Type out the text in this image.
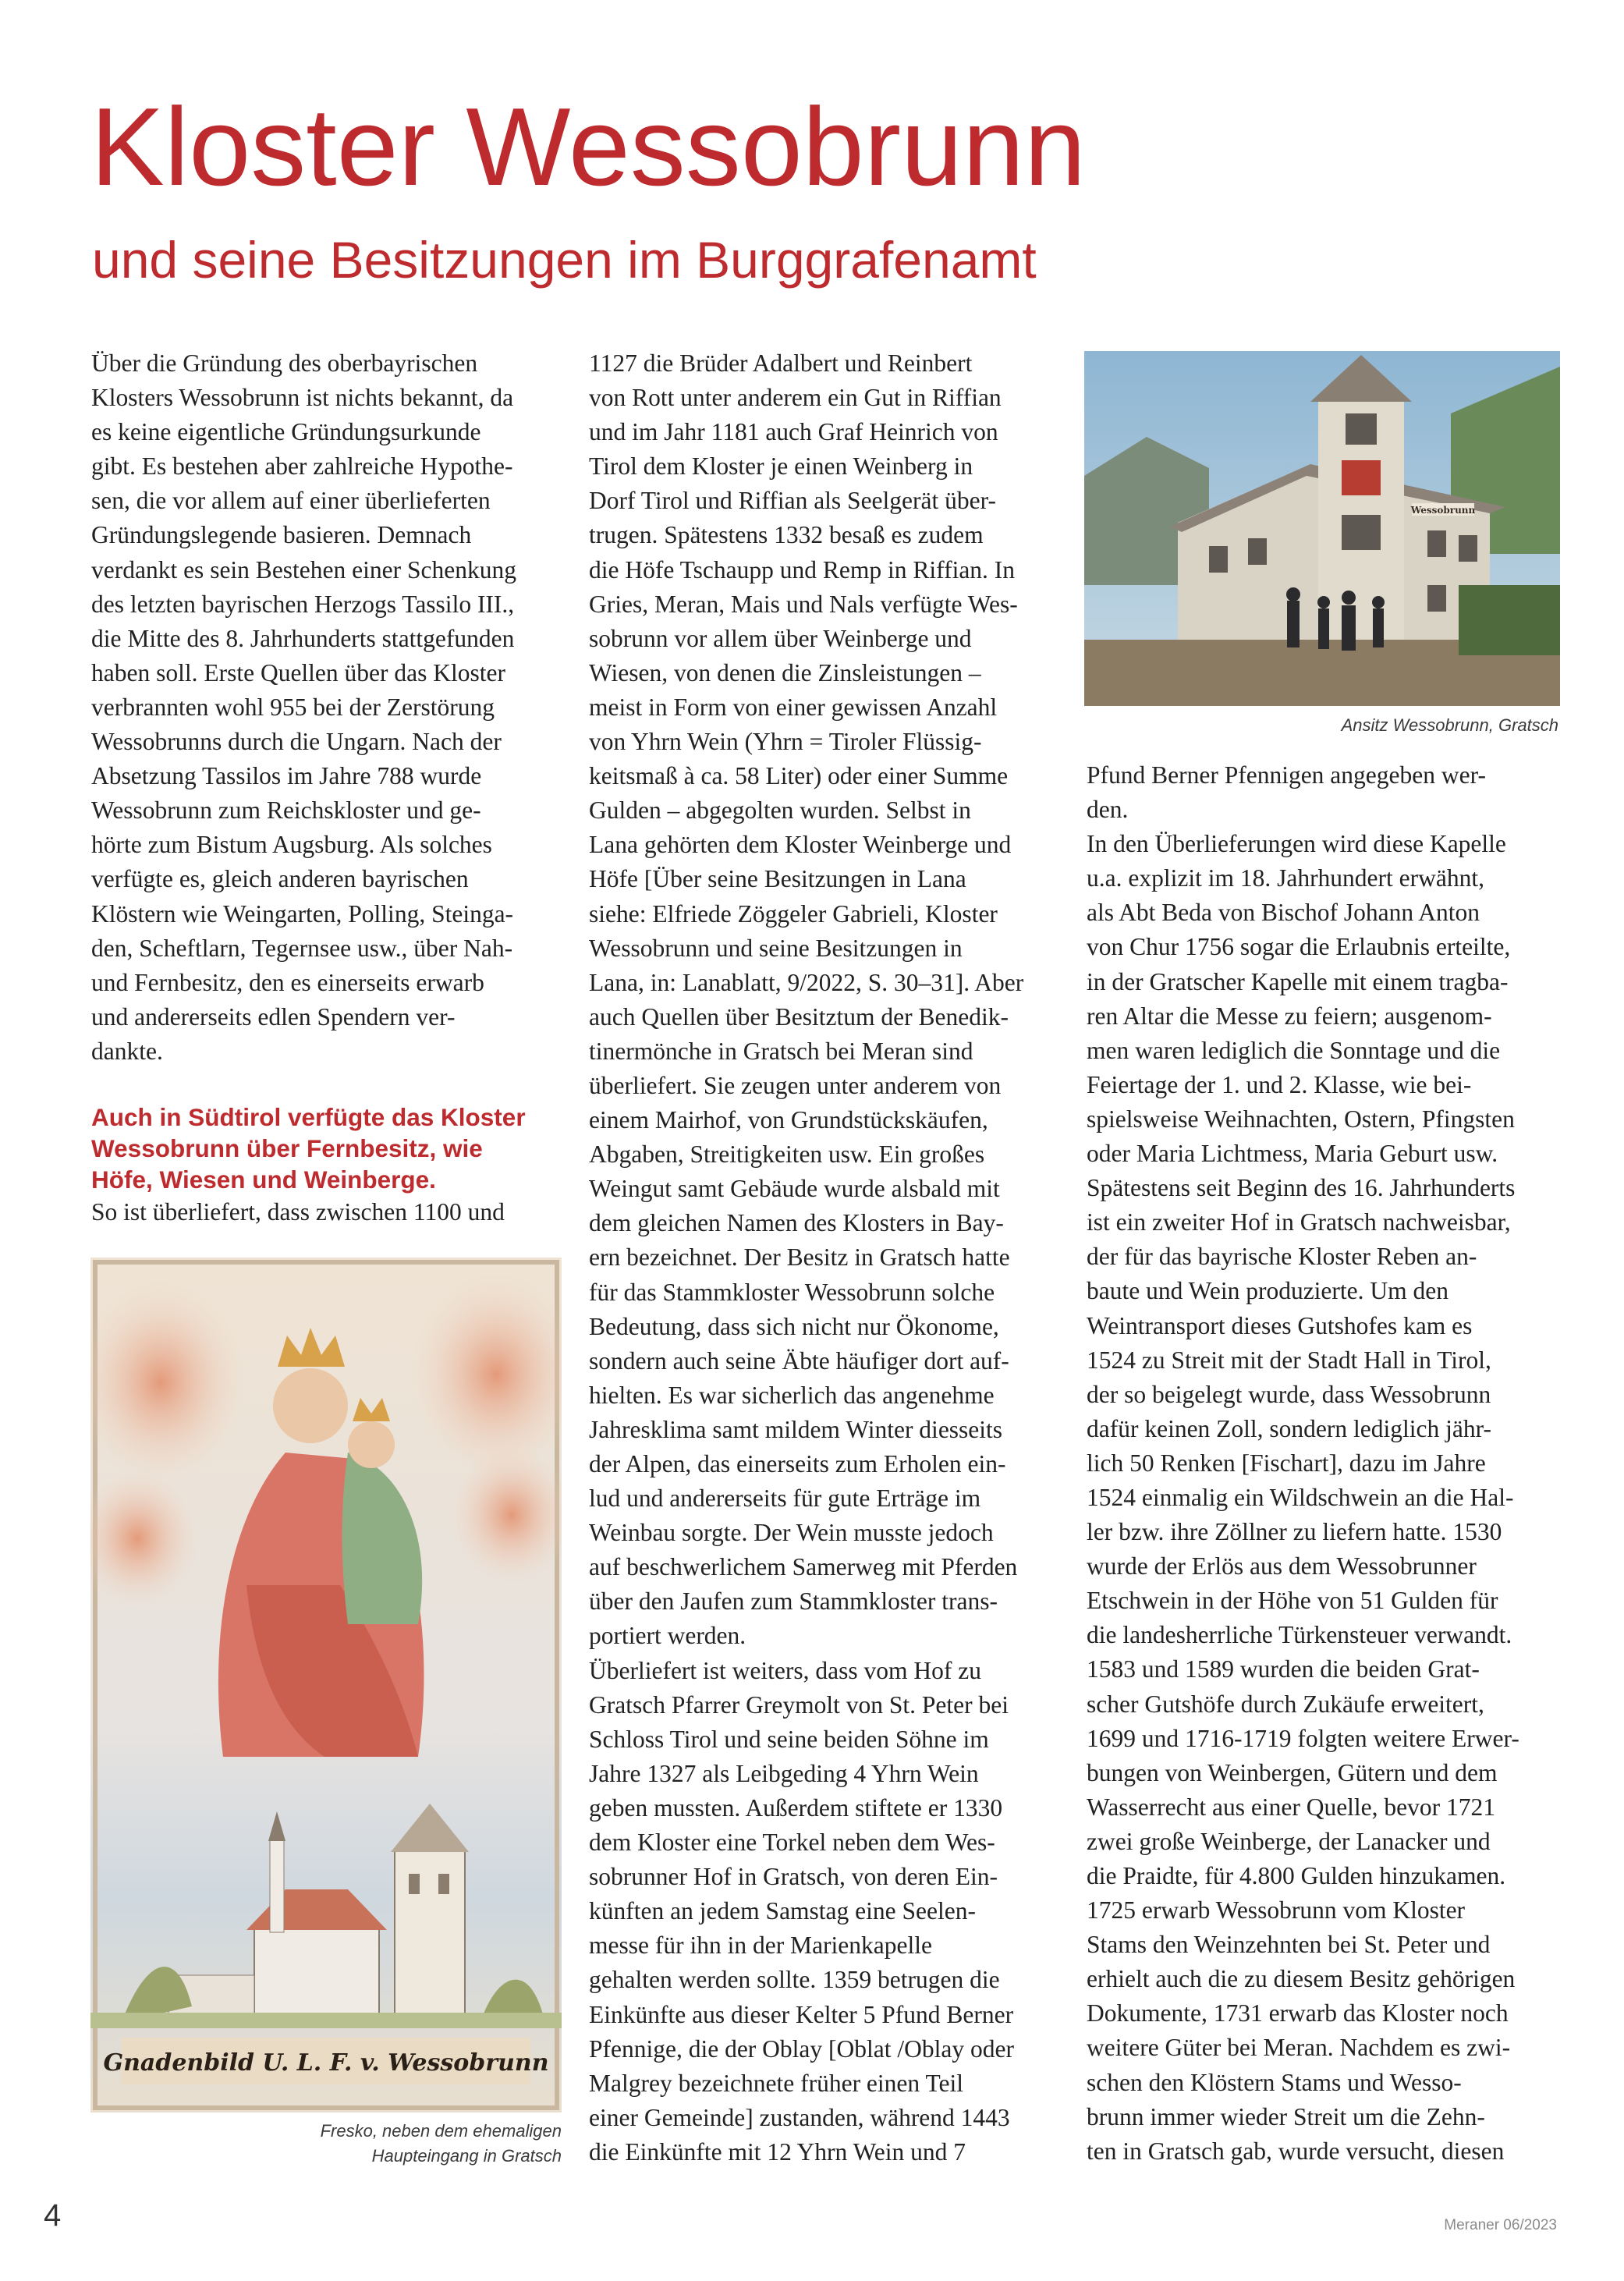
Kloster Wessobrunn
und seine Besitzungen im Burggrafenamt

Über die Gründung des oberbayrischen
Klosters Wessobrunn ist nichts bekannt, da
es keine eigentliche Gründungsurkunde
gibt. Es bestehen aber zahlreiche Hypothe-
sen, die vor allem auf einer überlieferten
Gründungslegende basieren. Demnach
verdankt es sein Bestehen einer Schenkung
des letzten bayrischen Herzogs Tassilo III.,
die Mitte des 8. Jahrhunderts stattgefunden
haben soll. Erste Quellen über das Kloster
verbrannten wohl 955 bei der Zerstörung
Wessobrunns durch die Ungarn. Nach der
Absetzung Tassilos im Jahre 788 wurde
Wessobrunn zum Reichskloster und ge-
hörte zum Bistum Augsburg. Als solches
verfügte es, gleich anderen bayrischen
Klöstern wie Weingarten, Polling, Steinga-
den, Scheftlarn, Tegernsee usw., über Nah-
und Fernbesitz, den es einerseits erwarb
und andererseits edlen Spendern ver-
dankte.

Auch in Südtirol verfügte das Kloster
Wessobrunn über Fernbesitz, wie
Höfe, Wiesen und Weinberge.

So ist überliefert, dass zwischen 1100 und

Gnadenbild U. L. F. v. Wessobrunn
Fresko, neben dem ehemaligen
Haupteingang in Gratsch

1127 die Brüder Adalbert und Reinbert
von Rott unter anderem ein Gut in Riffian
und im Jahr 1181 auch Graf Heinrich von
Tirol dem Kloster je einen Weinberg in
Dorf Tirol und Riffian als Seelgerät über-
trugen. Spätestens 1332 besaß es zudem
die Höfe Tschaupp und Remp in Riffian. In
Gries, Meran, Mais und Nals verfügte Wes-
sobrunn vor allem über Weinberge und
Wiesen, von denen die Zinsleistungen –
meist in Form von einer gewissen Anzahl
von Yhrn Wein (Yhrn = Tiroler Flüssig-
keitsmaß à ca. 58 Liter) oder einer Summe
Gulden – abgegolten wurden. Selbst in
Lana gehörten dem Kloster Weinberge und
Höfe [Über seine Besitzungen in Lana
siehe: Elfriede Zöggeler Gabrieli, Kloster
Wessobrunn und seine Besitzungen in
Lana, in: Lanablatt, 9/2022, S. 30–31]. Aber
auch Quellen über Besitztum der Benedik-
tinermönche in Gratsch bei Meran sind
überliefert. Sie zeugen unter anderem von
einem Mairhof, von Grundstückskäufen,
Abgaben, Streitigkeiten usw. Ein großes
Weingut samt Gebäude wurde alsbald mit
dem gleichen Namen des Klosters in Bay-
ern bezeichnet. Der Besitz in Gratsch hatte
für das Stammkloster Wessobrunn solche
Bedeutung, dass sich nicht nur Ökonome,
sondern auch seine Äbte häufiger dort auf-
hielten. Es war sicherlich das angenehme
Jahresklima samt mildem Winter diesseits
der Alpen, das einerseits zum Erholen ein-
lud und andererseits für gute Erträge im
Weinbau sorgte. Der Wein musste jedoch
auf beschwerlichem Samerweg mit Pferden
über den Jaufen zum Stammkloster trans-
portiert werden.

Überliefert ist weiters, dass vom Hof zu
Gratsch Pfarrer Greymolt von St. Peter bei
Schloss Tirol und seine beiden Söhne im
Jahre 1327 als Leibgeding 4 Yhrn Wein
geben mussten. Außerdem stiftete er 1330
dem Kloster eine Torkel neben dem Wes-
sobrunner Hof in Gratsch, von deren Ein-
künften an jedem Samstag eine Seelen-
messe für ihn in der Marienkapelle
gehalten werden sollte. 1359 betrugen die
Einkünfte aus dieser Kelter 5 Pfund Berner
Pfennige, die der Oblay [Oblat /Oblay oder
Malgrey bezeichnete früher einen Teil
einer Gemeinde] zustanden, während 1443
die Einkünfte mit 12 Yhrn Wein und 7

Wessobrunn
Ansitz Wessobrunn, Gratsch

Pfund Berner Pfennigen angegeben wer-
den.

In den Überlieferungen wird diese Kapelle
u.a. explizit im 18. Jahrhundert erwähnt,
als Abt Beda von Bischof Johann Anton
von Chur 1756 sogar die Erlaubnis erteilte,
in der Gratscher Kapelle mit einem tragba-
ren Altar die Messe zu feiern; ausgenom-
men waren lediglich die Sonntage und die
Feiertage der 1. und 2. Klasse, wie bei-
spielsweise Weihnachten, Ostern, Pfingsten
oder Maria Lichtmess, Maria Geburt usw.
Spätestens seit Beginn des 16. Jahrhunderts
ist ein zweiter Hof in Gratsch nachweisbar,
der für das bayrische Kloster Reben an-
baute und Wein produzierte. Um den
Weintransport dieses Gutshofes kam es
1524 zu Streit mit der Stadt Hall in Tirol,
der so beigelegt wurde, dass Wessobrunn
dafür keinen Zoll, sondern lediglich jähr-
lich 50 Renken [Fischart], dazu im Jahre
1524 einmalig ein Wildschwein an die Hal-
ler bzw. ihre Zöllner zu liefern hatte. 1530
wurde der Erlös aus dem Wessobrunner
Etschwein in der Höhe von 51 Gulden für
die landesherrliche Türkensteuer verwandt.
1583 und 1589 wurden die beiden Grat-
scher Gutshöfe durch Zukäufe erweitert,
1699 und 1716-1719 folgten weitere Erwer-
bungen von Weinbergen, Gütern und dem
Wasserrecht aus einer Quelle, bevor 1721
zwei große Weinberge, der Lanacker und
die Praidte, für 4.800 Gulden hinzukamen.
1725 erwarb Wessobrunn vom Kloster
Stams den Weinzehnten bei St. Peter und
erhielt auch die zu diesem Besitz gehörigen
Dokumente, 1731 erwarb das Kloster noch
weitere Güter bei Meran. Nachdem es zwi-
schen den Klöstern Stams und Wesso-
brunn immer wieder Streit um die Zehn-
ten in Gratsch gab, wurde versucht, diesen

4	Meraner 06/2023
